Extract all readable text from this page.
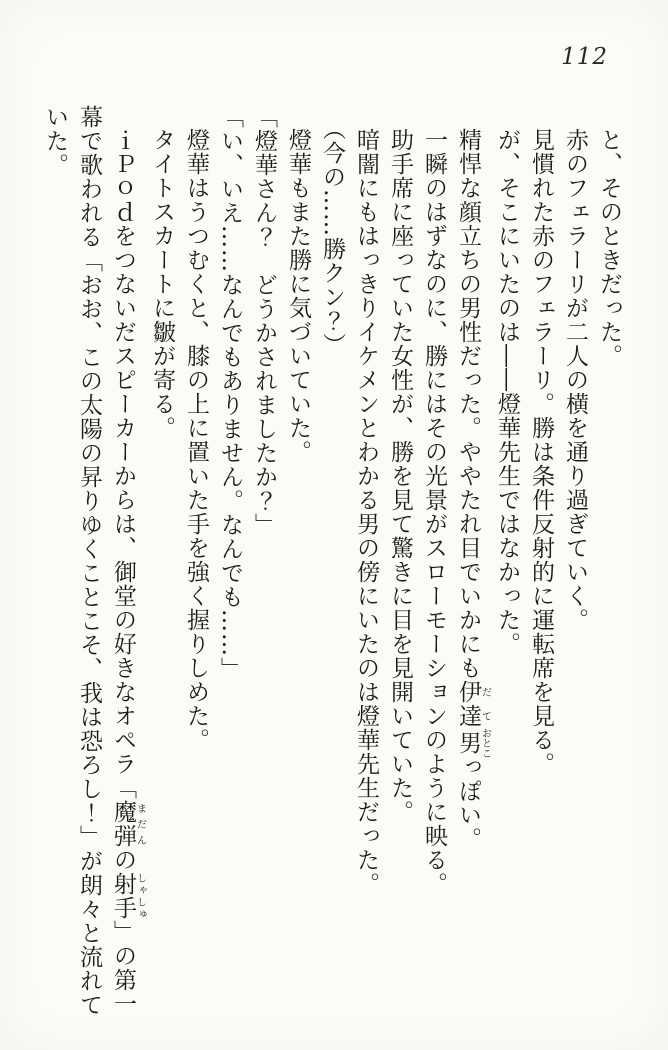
112

と、そのときだった。

赤のフェラーリが二人の横を通り過ぎていく。

見慣れた赤のフェラーリ。勝は条件反射的に運転席を見る。

が、そこにいたのは――燈華先生ではなかった。

精悍な顔立ちの男性だった。ややたれ目でいかにも伊達だて男おとこっぽい。

一瞬のはずなのに、勝にはその光景がスローモーションのように映る。

助手席に座っていた女性が、勝を見て驚きに目を見開いていた。

暗闇にもはっきりイケメンとわかる男の傍にいたのは燈華先生だった。

（今の……勝クン？）

燈華もまた勝に気づいていた。

「燈華さん？　どうかされましたか？」

「い、いえ……なんでもありません。なんでも……」

燈華はうつむくと、膝の上に置いた手を強く握りしめた。

タイトスカートに皺が寄る。

ｉＰｏｄをつないだスピーカーからは、御堂の好きなオペラ「魔弾まだんの射手しゃしゅ」の第一幕で歌われる「おお、この太陽の昇りゆくことこそ、我は恐ろし！」が朗々と流れていた。
